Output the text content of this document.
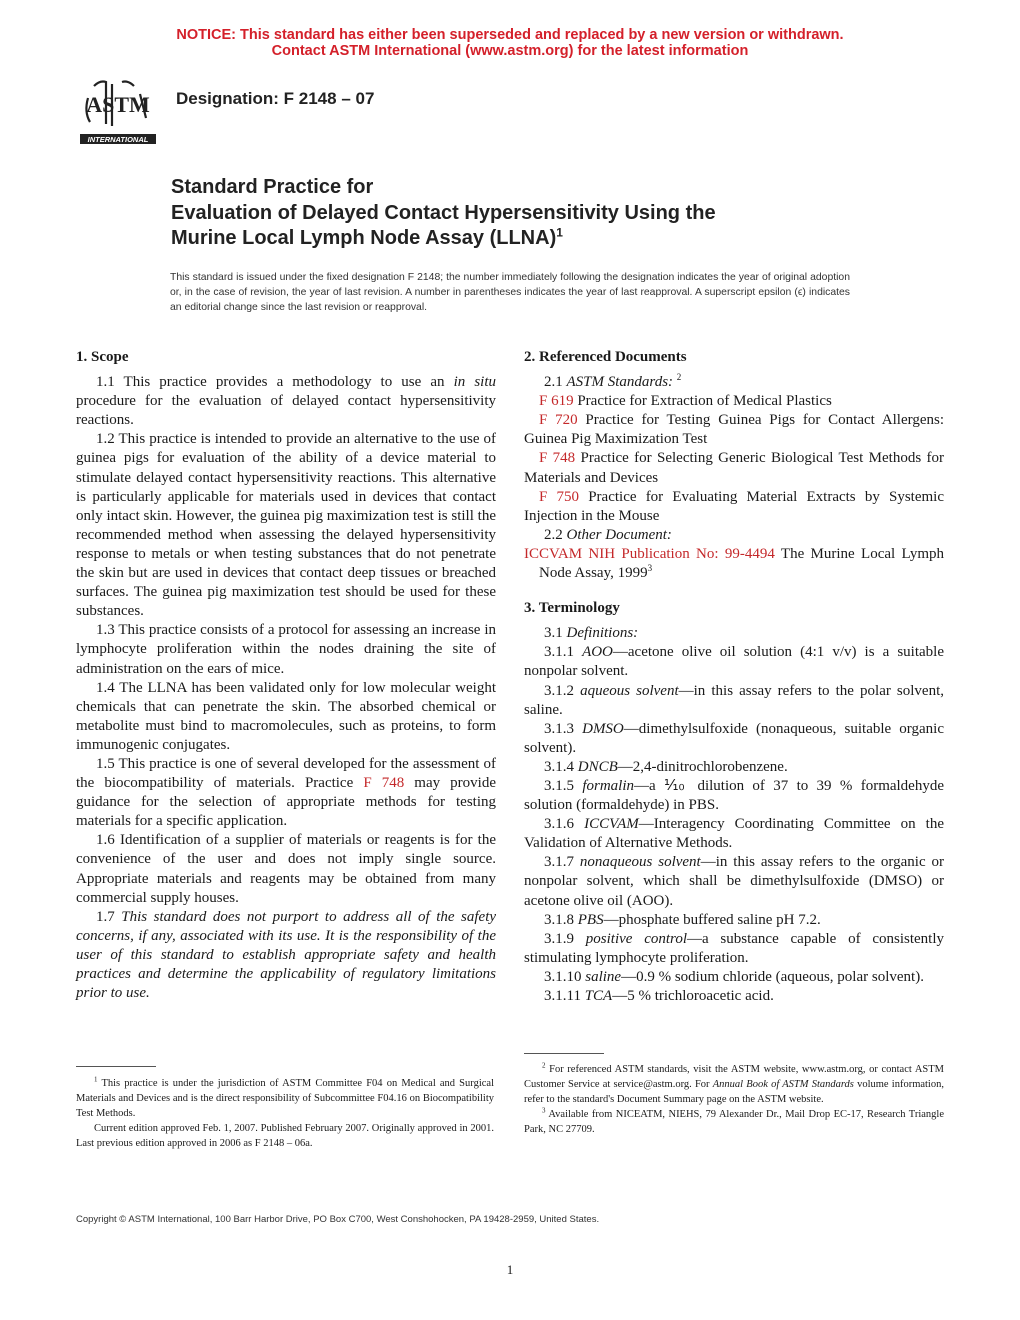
NOTICE: This standard has either been superseded and replaced by a new version or withdrawn.
Contact ASTM International (www.astm.org) for the latest information
ASTM
INTERNATIONAL
Designation: F 2148 – 07
Standard Practice for
Evaluation of Delayed Contact Hypersensitivity Using the
Murine Local Lymph Node Assay (LLNA)$^1$
This standard is issued under the fixed designation F 2148; the number immediately following the designation indicates the year of original adoption or, in the case of revision, the year of last revision. A number in parentheses indicates the year of last reapproval. A superscript epsilon (ϵ) indicates an editorial change since the last revision or reapproval.

1. Scope

1.1 This practice provides a methodology to use an in situ procedure for the evaluation of delayed contact hypersensitivity reactions.

1.2 This practice is intended to provide an alternative to the use of guinea pigs for evaluation of the ability of a device material to stimulate delayed contact hypersensitivity reactions. This alternative is particularly applicable for materials used in devices that contact only intact skin. However, the guinea pig maximization test is still the recommended method when assessing the delayed hypersensitivity response to metals or when testing substances that do not penetrate the skin but are used in devices that contact deep tissues or breached surfaces. The guinea pig maximization test should be used for these substances.

1.3 This practice consists of a protocol for assessing an increase in lymphocyte proliferation within the nodes draining the site of administration on the ears of mice.

1.4 The LLNA has been validated only for low molecular weight chemicals that can penetrate the skin. The absorbed chemical or metabolite must bind to macromolecules, such as proteins, to form immunogenic conjugates.

1.5 This practice is one of several developed for the assessment of the biocompatibility of materials. Practice F 748 may provide guidance for the selection of appropriate methods for testing materials for a specific application.

1.6 Identification of a supplier of materials or reagents is for the convenience of the user and does not imply single source. Appropriate materials and reagents may be obtained from many commercial supply houses.

1.7 This standard does not purport to address all of the safety concerns, if any, associated with its use. It is the responsibility of the user of this standard to establish appropriate safety and health practices and determine the applicability of regulatory limitations prior to use.

2. Referenced Documents

2.1 ASTM Standards: $^2$

F 619 Practice for Extraction of Medical Plastics

F 720 Practice for Testing Guinea Pigs for Contact Allergens: Guinea Pig Maximization Test

F 748 Practice for Selecting Generic Biological Test Methods for Materials and Devices

F 750 Practice for Evaluating Material Extracts by Systemic Injection in the Mouse

2.2 Other Document:

ICCVAM NIH Publication No: 99-4494 The Murine Local Lymph Node Assay, 1999$^3$

3. Terminology

3.1 Definitions:

3.1.1 AOO—acetone olive oil solution (4:1 v/v) is a suitable nonpolar solvent.

3.1.2 aqueous solvent—in this assay refers to the polar solvent, saline.

3.1.3 DMSO—dimethylsulfoxide (nonaqueous, suitable organic solvent).

3.1.4 DNCB—2,4-dinitrochlorobenzene.

3.1.5 formalin—a ⅒ dilution of 37 to 39 % formaldehyde solution (formaldehyde) in PBS.

3.1.6 ICCVAM—Interagency Coordinating Committee on the Validation of Alternative Methods.

3.1.7 nonaqueous solvent—in this assay refers to the organic or nonpolar solvent, which shall be dimethylsulfoxide (DMSO) or acetone olive oil (AOO).

3.1.8 PBS—phosphate buffered saline pH 7.2.

3.1.9 positive control—a substance capable of consistently stimulating lymphocyte proliferation.

3.1.10 saline—0.9 % sodium chloride (aqueous, polar solvent).

3.1.11 TCA—5 % trichloroacetic acid.

$^1$ This practice is under the jurisdiction of ASTM Committee F04 on Medical and Surgical Materials and Devices and is the direct responsibility of Subcommittee F04.16 on Biocompatibility Test Methods.

Current edition approved Feb. 1, 2007. Published February 2007. Originally approved in 2001. Last previous edition approved in 2006 as F 2148 – 06a.

$^2$ For referenced ASTM standards, visit the ASTM website, www.astm.org, or contact ASTM Customer Service at service@astm.org. For Annual Book of ASTM Standards volume information, refer to the standard's Document Summary page on the ASTM website.

$^3$ Available from NICEATM, NIEHS, 79 Alexander Dr., Mail Drop EC-17, Research Triangle Park, NC 27709.

Copyright © ASTM International, 100 Barr Harbor Drive, PO Box C700, West Conshohocken, PA 19428-2959, United States.
1
